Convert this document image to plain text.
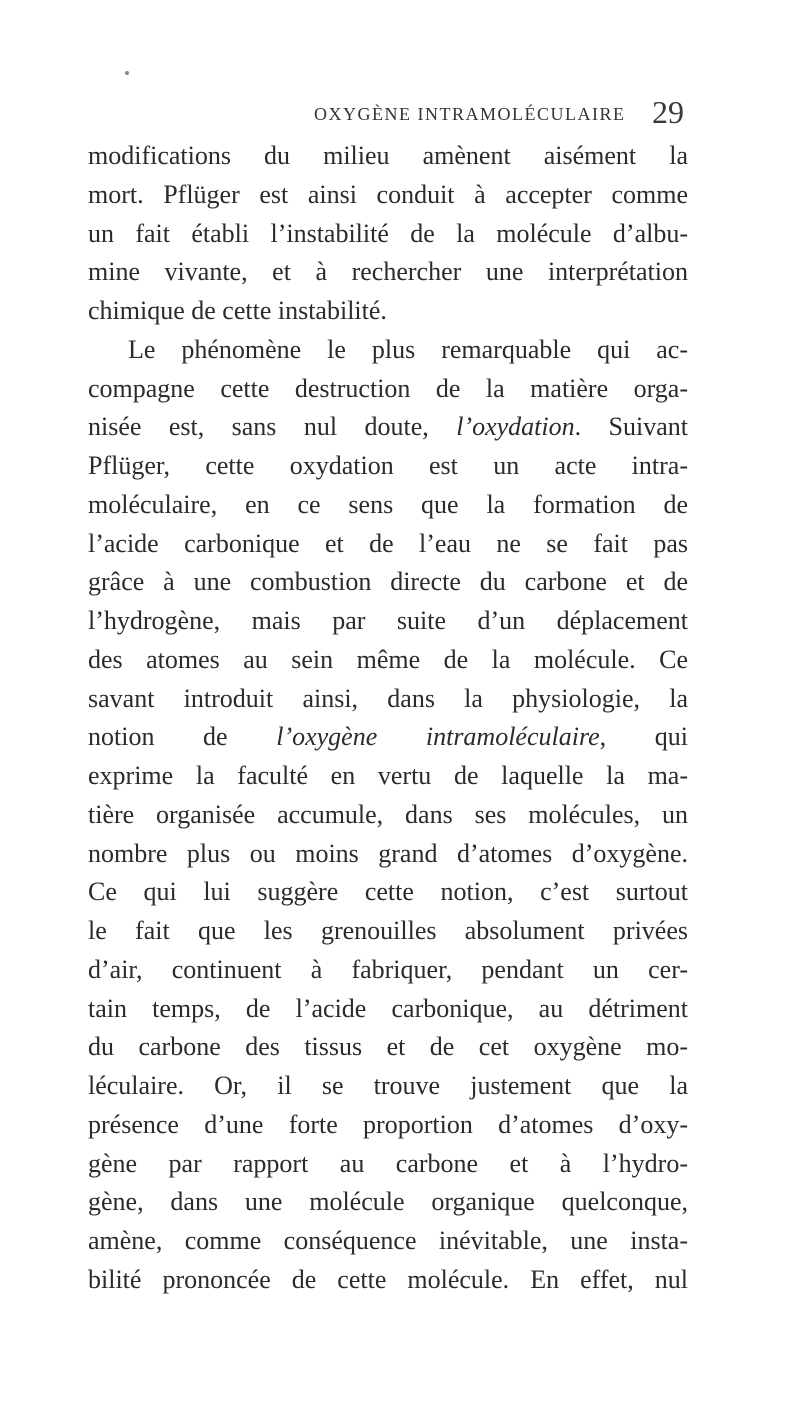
OXYGÈNE INTRAMOLÉCULAIRE 29
modifications du milieu amènent aisément la
mort. Pflüger est ainsi conduit à accepter comme
un fait établi l’instabilité de la molécule d’albu-
mine vivante, et à rechercher une interprétation
chimique de cette instabilité.
Le phénomène le plus remarquable qui ac-
compagne cette destruction de la matière orga-
nisée est, sans nul doute, l’oxydation. Suivant
Pflüger, cette oxydation est un acte intra-
moléculaire, en ce sens que la formation de
l’acide carbonique et de l’eau ne se fait pas
grâce à une combustion directe du carbone et de
l’hydrogène, mais par suite d’un déplacement
des atomes au sein même de la molécule. Ce
savant introduit ainsi, dans la physiologie, la
notion de l’oxygène intramoléculaire, qui
exprime la faculté en vertu de laquelle la ma-
tière organisée accumule, dans ses molécules, un
nombre plus ou moins grand d’atomes d’oxygène.
Ce qui lui suggère cette notion, c’est surtout
le fait que les grenouilles absolument privées
d’air, continuent à fabriquer, pendant un cer-
tain temps, de l’acide carbonique, au détriment
du carbone des tissus et de cet oxygène mo-
léculaire. Or, il se trouve justement que la
présence d’une forte proportion d’atomes d’oxy-
gène par rapport au carbone et à l’hydro-
gène, dans une molécule organique quelconque,
amène, comme conséquence inévitable, une insta-
bilité prononcée de cette molécule. En effet, nul
